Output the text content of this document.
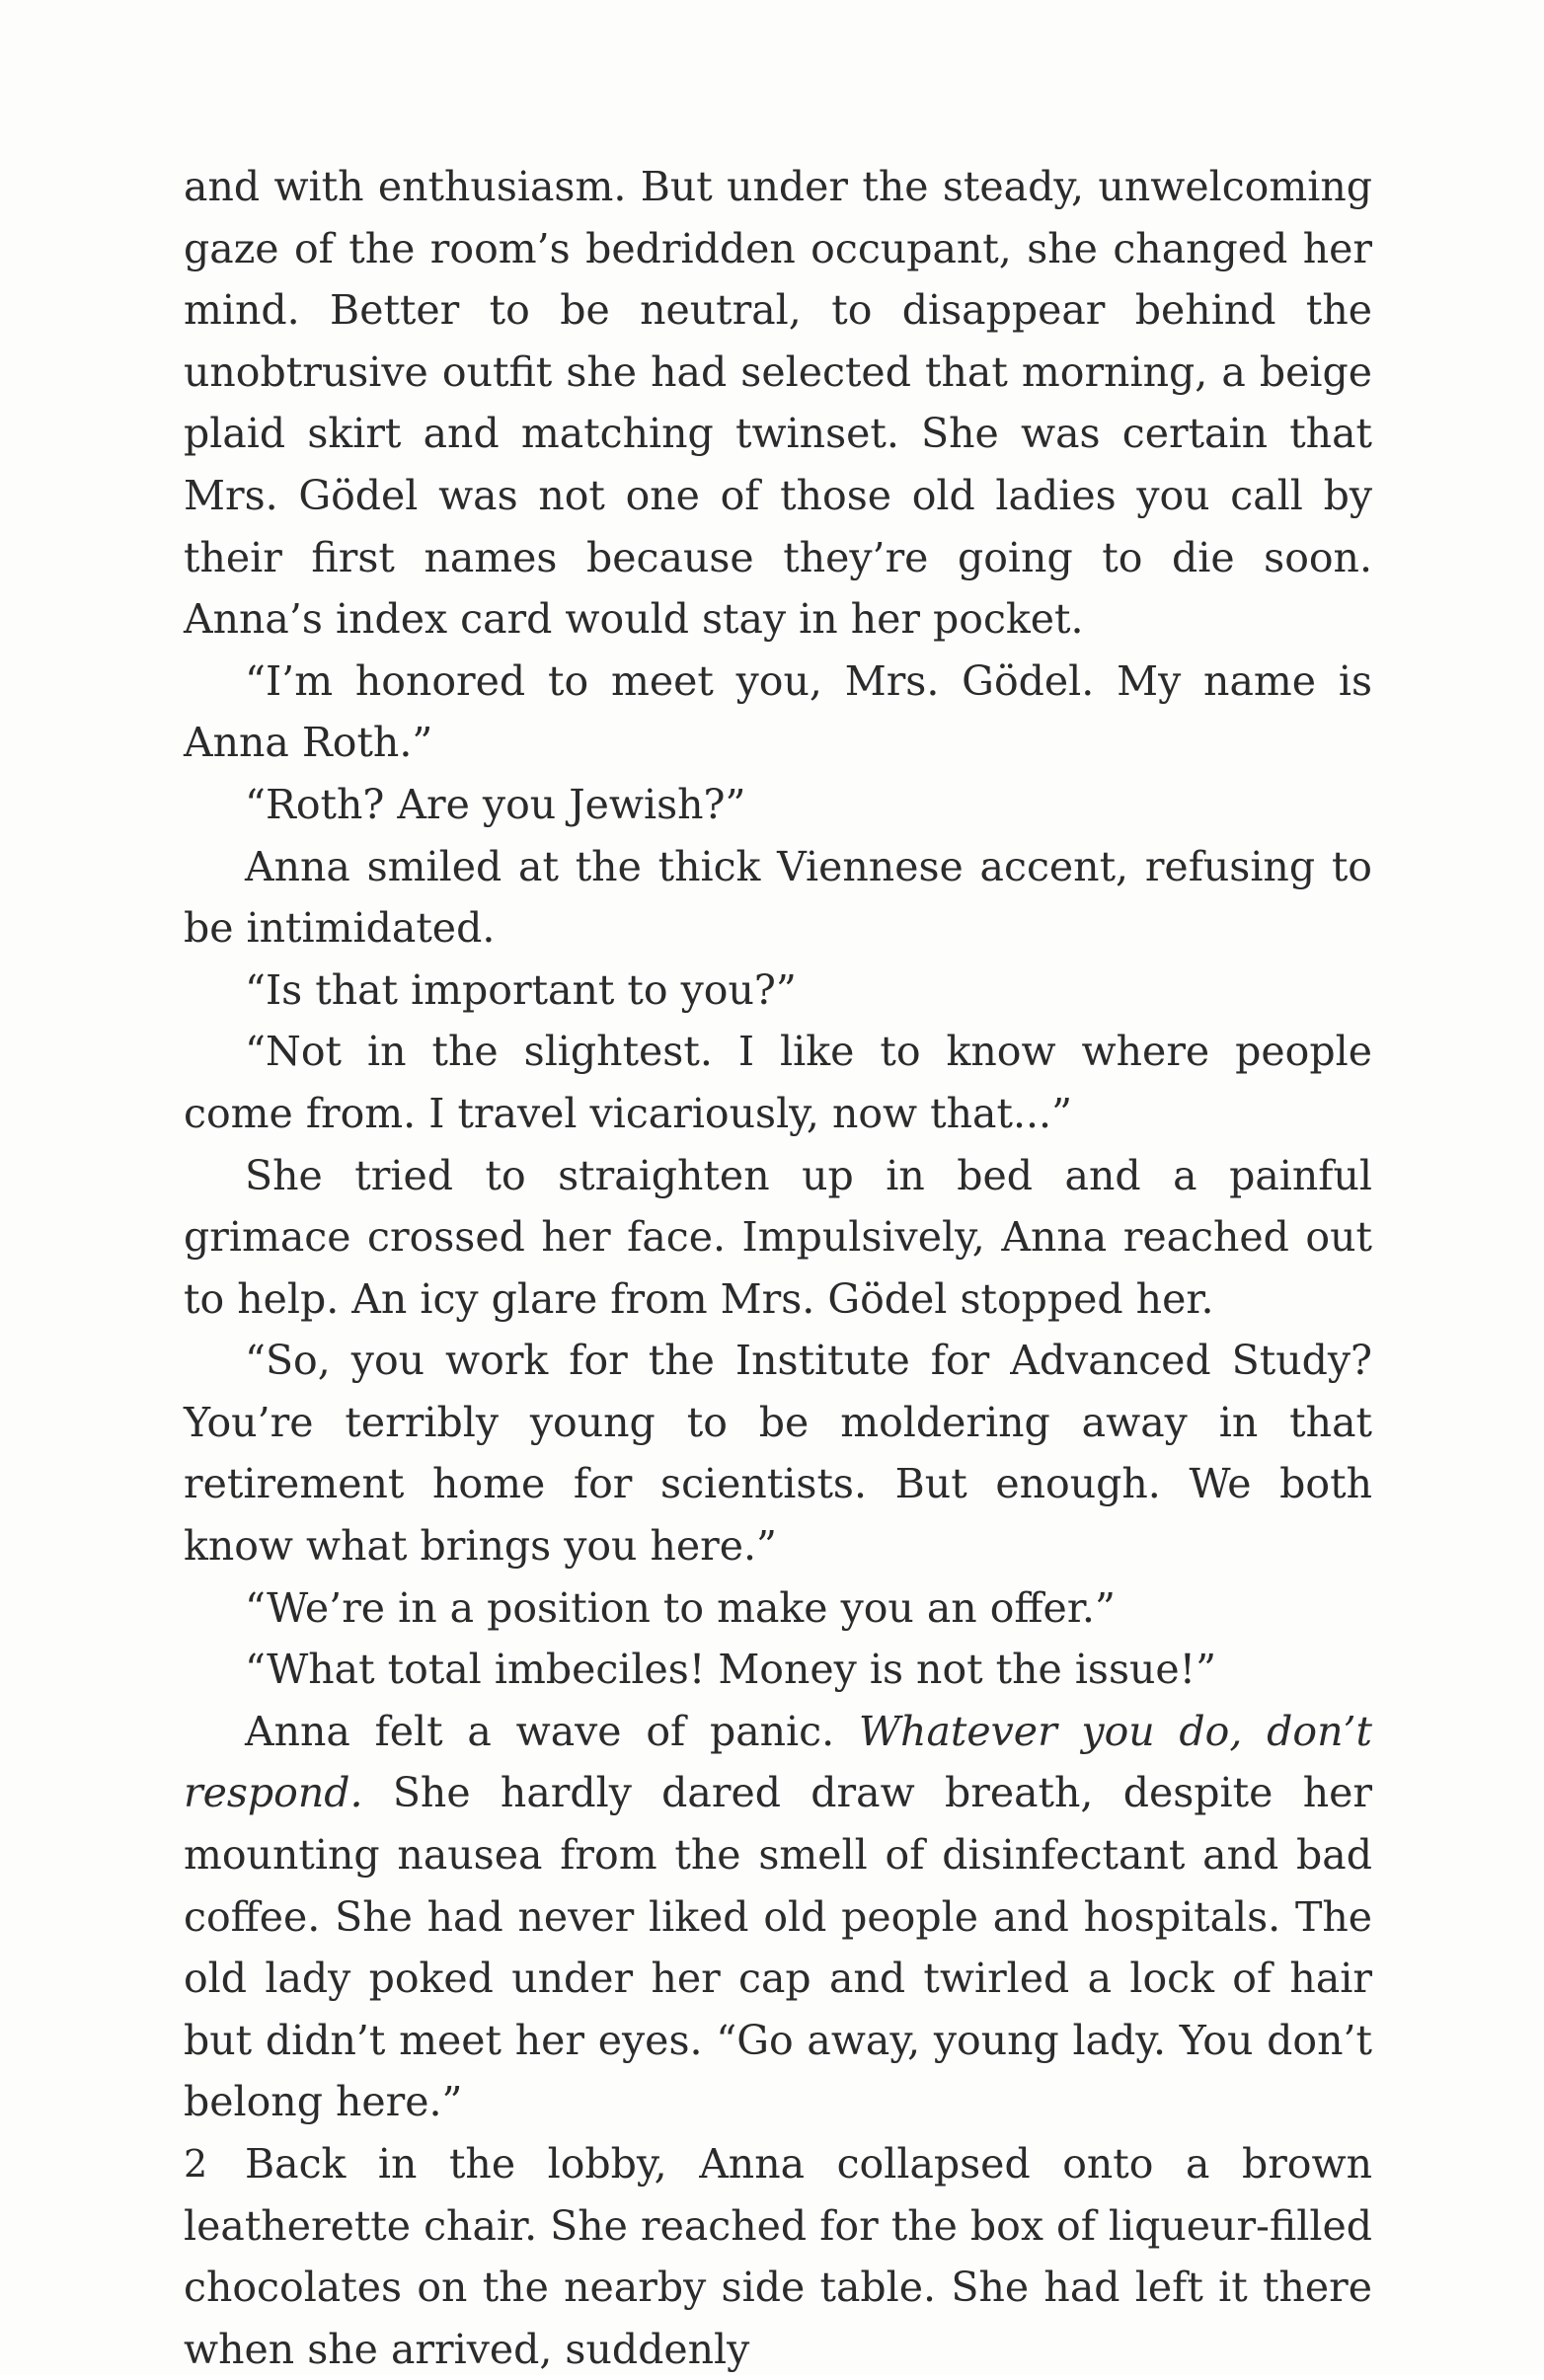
and with enthusiasm. But under the steady, unwelcoming gaze of the room’s bedridden occupant, she changed her mind. Better to be neutral, to disappear behind the unobtrusive outfit she had selected that morning, a beige plaid skirt and matching twinset. She was certain that Mrs. Gödel was not one of those old ladies you call by their first names because they’re going to die soon. Anna’s index card would stay in her pocket.

“I’m honored to meet you, Mrs. Gödel. My name is Anna Roth.”

“Roth? Are you Jewish?”

Anna smiled at the thick Viennese accent, refusing to be intimidated.

“Is that important to you?”

“Not in the slightest. I like to know where people come from. I travel vicariously, now that...”

She tried to straighten up in bed and a painful grimace crossed her face. Impulsively, Anna reached out to help. An icy glare from Mrs. Gödel stopped her.

“So, you work for the Institute for Advanced Study? You’re terribly young to be moldering away in that retirement home for scientists. But enough. We both know what brings you here.”

“We’re in a position to make you an offer.”

“What total imbeciles! Money is not the issue!”

Anna felt a wave of panic. Whatever you do, don’t respond. She hardly dared draw breath, despite her mounting nausea from the smell of disinfectant and bad coffee. She had never liked old people and hospitals. The old lady poked under her cap and twirled a lock of hair but didn’t meet her eyes. “Go away, young lady. You don’t belong here.”

Back in the lobby, Anna collapsed onto a brown leatherette chair. She reached for the box of liqueur-filled chocolates on the nearby side table. She had left it there when she arrived, suddenly

2
